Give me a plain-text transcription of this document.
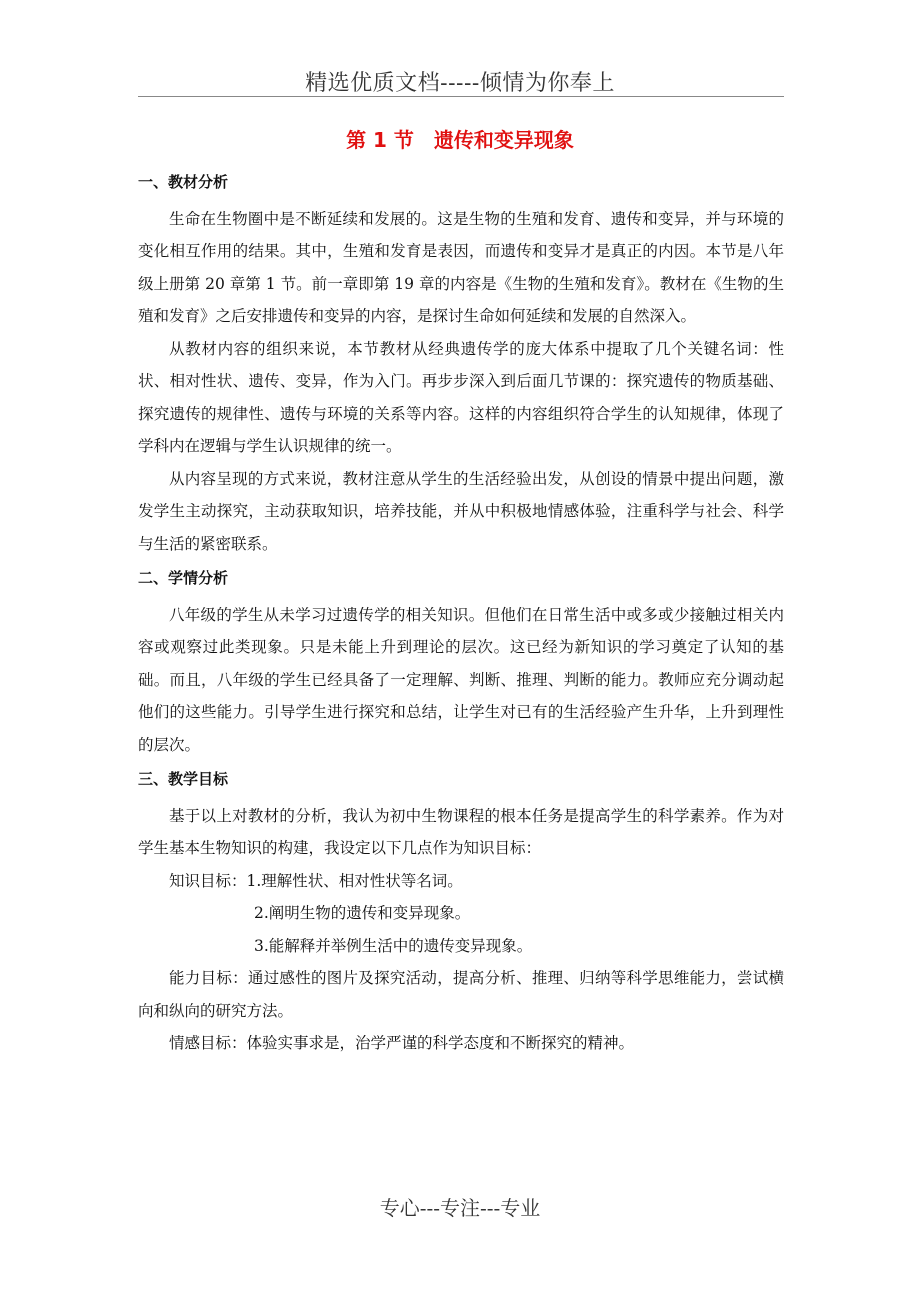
精选优质文档-----倾情为你奉上
第 1 节　遗传和变异现象
一、教材分析

生命在生物圈中是不断延续和发展的。这是生物的生殖和发育、遗传和变异，并与环境的变化相互作用的结果。其中，生殖和发育是表因，而遗传和变异才是真正的内因。本节是八年级上册第 20 章第 1 节。前一章即第 19 章的内容是《生物的生殖和发育》。教材在《生物的生殖和发育》之后安排遗传和变异的内容，是探讨生命如何延续和发展的自然深入。

从教材内容的组织来说，本节教材从经典遗传学的庞大体系中提取了几个关键名词：性状、相对性状、遗传、变异，作为入门。再步步深入到后面几节课的：探究遗传的物质基础、探究遗传的规律性、遗传与环境的关系等内容。这样的内容组织符合学生的认知规律，体现了学科内在逻辑与学生认识规律的统一。

从内容呈现的方式来说，教材注意从学生的生活经验出发，从创设的情景中提出问题，激发学生主动探究，主动获取知识，培养技能，并从中积极地情感体验，注重科学与社会、科学与生活的紧密联系。

二、学情分析

八年级的学生从未学习过遗传学的相关知识。但他们在日常生活中或多或少接触过相关内容或观察过此类现象。只是未能上升到理论的层次。这已经为新知识的学习奠定了认知的基础。而且，八年级的学生已经具备了一定理解、判断、推理、判断的能力。教师应充分调动起他们的这些能力。引导学生进行探究和总结，让学生对已有的生活经验产生升华，上升到理性的层次。

三、教学目标

基于以上对教材的分析，我认为初中生物课程的根本任务是提高学生的科学素养。作为对学生基本生物知识的构建，我设定以下几点作为知识目标：

知识目标：1.理解性状、相对性状等名词。

2.阐明生物的遗传和变异现象。

3.能解释并举例生活中的遗传变异现象。

能力目标：通过感性的图片及探究活动，提高分析、推理、归纳等科学思维能力，尝试横向和纵向的研究方法。

情感目标：体验实事求是，治学严谨的科学态度和不断探究的精神。

专心---专注---专业
